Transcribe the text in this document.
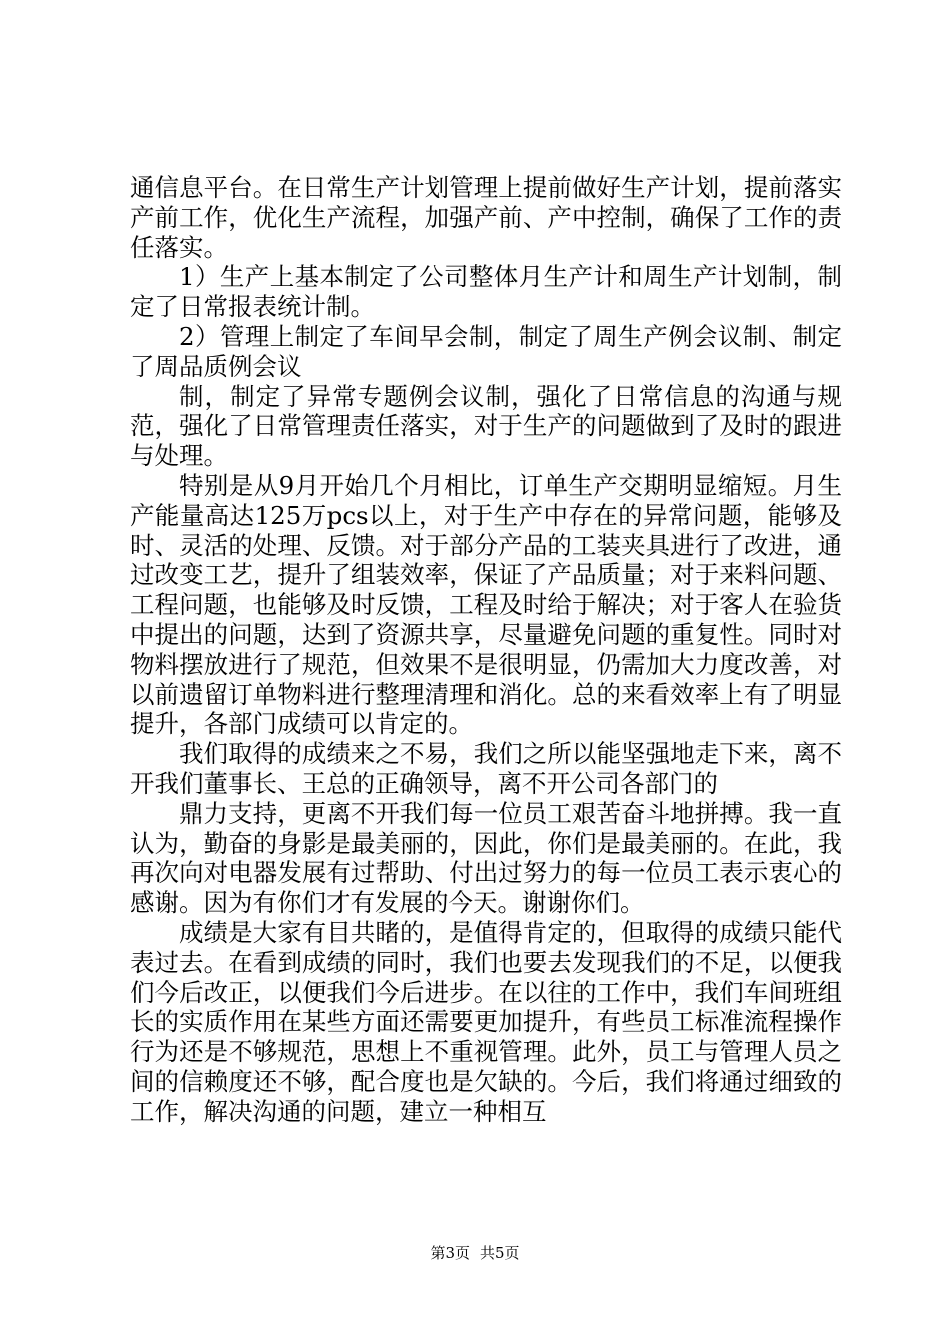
通信息平台。在日常生产计划管理上提前做好生产计划，提前落实产前工作，优化生产流程，加强产前、产中控制，确保了工作的责任落实。

1）生产上基本制定了公司整体月生产计和周生产计划制，制定了日常报表统计制。

2）管理上制定了车间早会制，制定了周生产例会议制、制定了周品质例会议

制，制定了异常专题例会议制，强化了日常信息的沟通与规范，强化了日常管理责任落实，对于生产的问题做到了及时的跟进与处理。

特别是从9月开始几个月相比，订单生产交期明显缩短。月生产能量高达125万pcs以上，对于生产中存在的异常问题，能够及时、灵活的处理、反馈。对于部分产品的工装夹具进行了改进，通过改变工艺，提升了组装效率，保证了产品质量；对于来料问题、工程问题，也能够及时反馈，工程及时给于解决；对于客人在验货中提出的问题，达到了资源共享，尽量避免问题的重复性。同时对物料摆放进行了规范，但效果不是很明显，仍需加大力度改善，对以前遗留订单物料进行整理清理和消化。总的来看效率上有了明显提升，各部门成绩可以肯定的。

我们取得的成绩来之不易，我们之所以能坚强地走下来，离不开我们董事长、王总的正确领导，离不开公司各部门的

鼎力支持，更离不开我们每一位员工艰苦奋斗地拼搏。我一直认为，勤奋的身影是最美丽的，因此，你们是最美丽的。在此，我再次向对电器发展有过帮助、付出过努力的每一位员工表示衷心的感谢。因为有你们才有发展的今天。谢谢你们。

成绩是大家有目共睹的，是值得肯定的，但取得的成绩只能代表过去。在看到成绩的同时，我们也要去发现我们的不足，以便我们今后改正，以便我们今后进步。在以往的工作中，我们车间班组长的实质作用在某些方面还需要更加提升，有些员工标准流程操作行为还是不够规范，思想上不重视管理。此外，员工与管理人员之间的信赖度还不够，配合度也是欠缺的。今后，我们将通过细致的工作，解决沟通的问题，建立一种相互

第3页 共5页
